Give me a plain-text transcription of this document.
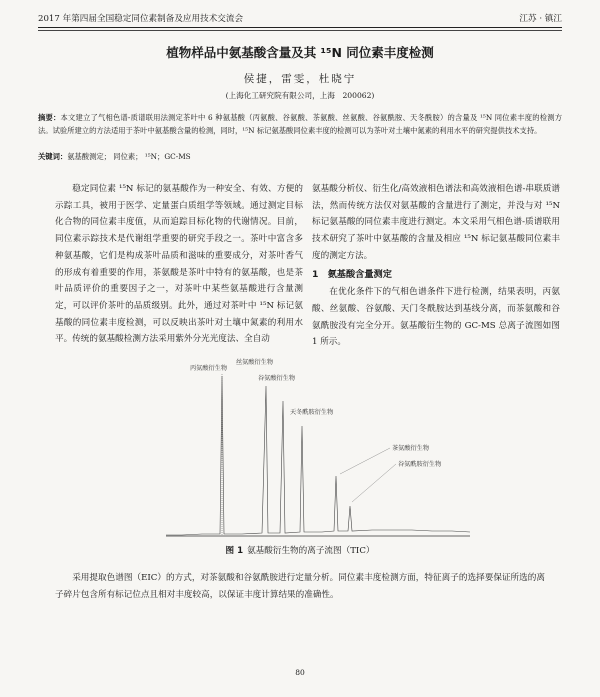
2017 年第四届全国稳定同位素制备及应用技术交流会	江苏 · 镇江
植物样品中氨基酸含量及其 ¹⁵N 同位素丰度检测
侯捷，雷雯，杜晓宁
(上海化工研究院有限公司，上海　200062)
摘要：本文建立了气相色谱-质谱联用法测定茶叶中 6 种氨基酸（丙氨酸、谷氨酸、茶氨酸、丝氨酸、谷氨酰胺、天冬酰胺）的含量及 ¹⁵N 同位素丰度的检测方法。试验所建立的方法适用于茶叶中氨基酸含量的检测，同时，¹⁵N 标记氨基酸同位素丰度的检测可以为茶叶对土壤中氮素的利用水平的研究提供技术支持。
关键词：氨基酸测定； 同位素； ¹⁵N；GC-MS

稳定同位素 ¹⁵N 标记的氨基酸作为一种安全、有效、方便的示踪工具，被用于医学、定量蛋白质组学等领域。通过测定目标化合物的同位素丰度值，从而追踪目标化物的代谢情况。目前，同位素示踪技术是代谢组学重要的研究手段之一。茶叶中富含多种氨基酸，它们是构成茶叶品质和滋味的重要成分，对茶叶香气的形成有着重要的作用，茶氨酸是茶叶中特有的氨基酸，也是茶叶品质评价的重要因子之一，对茶叶中某些氨基酸进行含量测定，可以评价茶叶的品质级别。此外，通过对茶叶中 ¹⁵N 标记氨基酸的同位素丰度检测，可以反映出茶叶对土壤中氮素的利用水平。传统的氨基酸检测方法采用紫外分光光度法、全自动

氨基酸分析仪、衍生化/高效液相色谱法和高效液相色谱-串联质谱法，然而传统方法仅对氨基酸的含量进行了测定，并没与对 ¹⁵N 标记氨基酸的同位素丰度进行测定。本文采用气相色谱-质谱联用技术研究了茶叶中氨基酸的含量及相应 ¹⁵N 标记氨基酸同位素丰度的测定方法。

1　氨基酸含量测定

在优化条件下的气相色谱条件下进行检测，结果表明，丙氨酸、丝氨酸、谷氨酸、天门冬酰胺达到基线分离，而茶氨酸和谷氨酰胺没有完全分开。氨基酸衍生物的 GC-MS 总离子流图如图 1 所示。

丙氨酸衍生物
丝氨酸衍生物
谷氨酸衍生物
天冬酰胺衍生物
茶氨酸衍生物
谷氨酰胺衍生物
图 1 氨基酸衍生物的离子流图（TIC）
采用提取色谱图（EIC）的方式，对茶氨酸和谷氨酰胺进行定量分析。同位素丰度检测方面，特征离子的选择要保证所选的离子碎片包含所有标记位点且相对丰度较高，以保证丰度计算结果的准确性。
80
